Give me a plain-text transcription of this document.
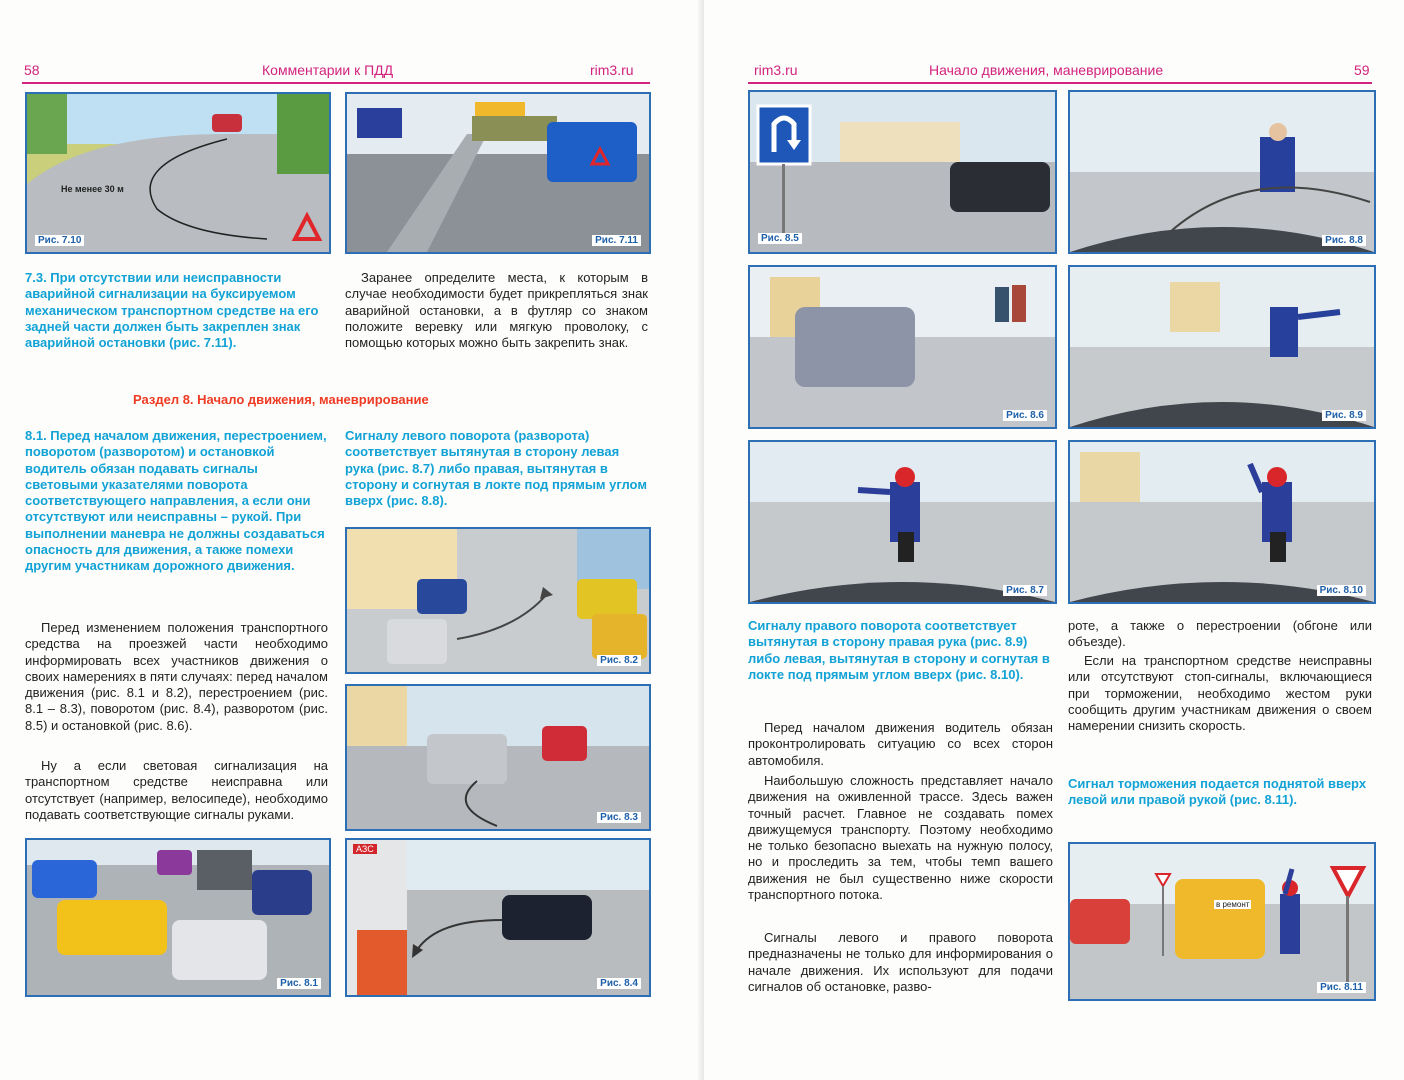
58	Комментарии к ПДД	rim3.ru
Не менее 30 м
Рис. 7.10	Рис. 7.11
7.3. При отсутствии или неисправности аварийной сигнализации на буксируемом механическом транспортном средстве на его задней части должен быть закреплен знак аварийной остановки (рис. 7.11).
Заранее определите места, к которым в случае необходимости будет прикрепляться знак аварийной остановки, а в футляр со знаком положите веревку или мягкую проволоку, с помощью которых можно быть закрепить знак.
Раздел 8. Начало движения, маневрирование
8.1. Перед началом движения, перестроением, поворотом (разворотом) и остановкой водитель обязан подавать сигналы световыми указателями поворота соответствующего направления, а если они отсутствуют или неисправны – рукой. При выполнении маневра не должны создаваться опасность для движения, а также помехи другим участникам дорожного движения.
Сигналу левого поворота (разворота) соответствует вытянутая в сторону левая рука (рис. 8.7) либо правая, вытянутая в сторону и согнутая в локте под прямым углом вверх (рис. 8.8).
Перед изменением положения транспортного средства на проезжей части необходимо информировать всех участников движения о своих намерениях в пяти случаях: перед началом движения (рис. 8.1 и 8.2), перестроением (рис. 8.1 – 8.3), поворотом (рис. 8.4), разворотом (рис. 8.5) и остановкой (рис. 8.6).
Ну а если световая сигнализация на транспортном средстве неисправна или отсутствует (например, велосипеде), необходимо подавать соответствующие сигналы руками.
Рис. 8.2
Рис. 8.3
Рис. 8.1
АЗС
Рис. 8.4
rim3.ru	Начало движения, маневрирование	59
Рис. 8.5	Рис. 8.8
Рис. 8.6	Рис. 8.9
Рис. 8.7	Рис. 8.10
Сигналу правого поворота соответствует вытянутая в сторону правая рука (рис. 8.9) либо левая, вытянутая в сторону и согнутая в локте под прямым углом вверх (рис. 8.10).
Перед началом движения водитель обязан проконтролировать ситуацию со всех сторон автомобиля.
Наибольшую сложность представляет начало движения на оживленной трассе. Здесь важен точный расчет. Главное не создавать помех движущемуся транспорту. Поэтому необходимо не только безопасно выехать на нужную полосу, но и проследить за тем, чтобы темп вашего движения не был существенно ниже скорости транспортного потока.
Сигналы левого и правого поворота предназначены не только для информирования о начале движения. Их используют для подачи сигналов об остановке, разво-
роте, а также о перестроении (обгоне или объезде).
Если на транспортном средстве неисправны или отсутствуют стоп-сигналы, включающиеся при торможении, необходимо жестом руки сообщить другим участникам движения о своем намерении снизить скорость.
Сигнал торможения подается поднятой вверх левой или правой рукой (рис. 8.11).
в ремонт
Рис. 8.11
